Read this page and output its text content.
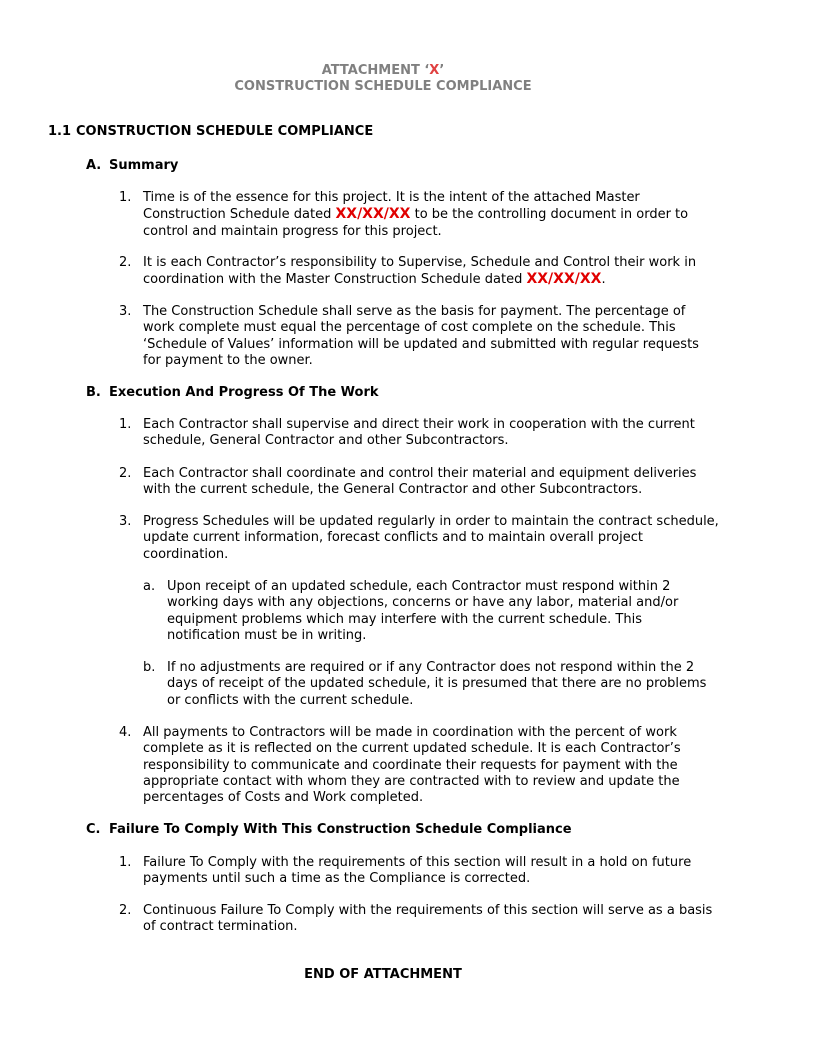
ATTACHMENT ‘X’
CONSTRUCTION SCHEDULE COMPLIANCE
1.1 CONSTRUCTION SCHEDULE COMPLIANCE
A. Summary
1. Time is of the essence for this project. It is the intent of the attached Master Construction Schedule dated XX/XX/XX to be the controlling document in order to control and maintain progress for this project.
2. It is each Contractor’s responsibility to Supervise, Schedule and Control their work in coordination with the Master Construction Schedule dated XX/XX/XX.
3. The Construction Schedule shall serve as the basis for payment. The percentage of work complete must equal the percentage of cost complete on the schedule. This ‘Schedule of Values’ information will be updated and submitted with regular requests for payment to the owner.
B. Execution And Progress Of The Work
1. Each Contractor shall supervise and direct their work in cooperation with the current schedule, General Contractor and other Subcontractors.
2. Each Contractor shall coordinate and control their material and equipment deliveries with the current schedule, the General Contractor and other Subcontractors.
3. Progress Schedules will be updated regularly in order to maintain the contract schedule, update current information, forecast conflicts and to maintain overall project coordination.
a. Upon receipt of an updated schedule, each Contractor must respond within 2 working days with any objections, concerns or have any labor, material and/or equipment problems which may interfere with the current schedule. This notification must be in writing.
b. If no adjustments are required or if any Contractor does not respond within the 2 days of receipt of the updated schedule, it is presumed that there are no problems or conflicts with the current schedule.
4. All payments to Contractors will be made in coordination with the percent of work complete as it is reflected on the current updated schedule. It is each Contractor’s responsibility to communicate and coordinate their requests for payment with the appropriate contact with whom they are contracted with to review and update the percentages of Costs and Work completed.
C. Failure To Comply With This Construction Schedule Compliance
1. Failure To Comply with the requirements of this section will result in a hold on future payments until such a time as the Compliance is corrected.
2. Continuous Failure To Comply with the requirements of this section will serve as a basis of contract termination.
END OF ATTACHMENT
